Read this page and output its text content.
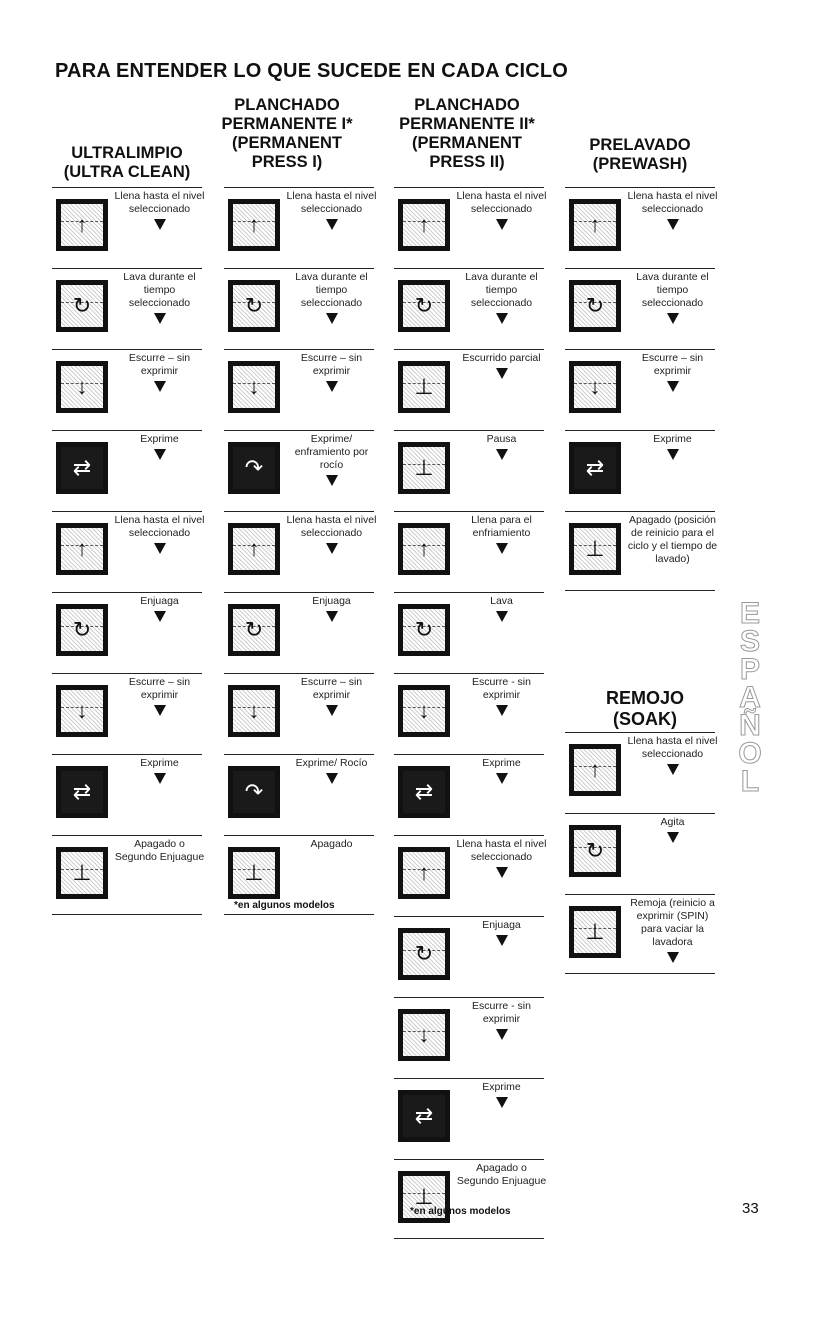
PARA ENTENDER LO QUE SUCEDE EN CADA CICLO
ULTRALIMPIO
(ULTRA CLEAN)
PLANCHADO
PERMANENTE I*
(PERMANENT
PRESS I)
PLANCHADO
PERMANENTE II*
(PERMANENT
PRESS II)
PRELAVADO
(PREWASH)
REMOJO
(SOAK)
↑
Llena hasta el nivel seleccionado
↻
Lava durante el tiempo seleccionado
↓
Escurre – sin exprimir
⇄
Exprime
↑
Llena hasta el nivel seleccionado
↻
Enjuaga
↓
Escurre – sin exprimir
⇄
Exprime
⊥
Apagado o Segundo Enjuague
↑
Llena hasta el nivel seleccionado
↻
Lava durante el tiempo seleccionado
↓
Escurre – sin exprimir
↷
Exprime/ enframiento por rocío
↑
Llena hasta el nivel seleccionado
↻
Enjuaga
↓
Escurre – sin exprimir
↷
Exprime/ Rocío
⊥
Apagado
↑
Llena hasta el nivel seleccionado
↻
Lava durante el tiempo seleccionado
⊥
Escurrido parcial
⊥
Pausa
↑
Llena para el enfriamiento
↻
Lava
↓
Escurre - sin exprimir
⇄
Exprime
↑
Llena hasta el nivel seleccionado
↻
Enjuaga
↓
Escurre - sin exprimir
⇄
Exprime
⊥
Apagado o Segundo Enjuague
↑
Llena hasta el nivel seleccionado
↻
Lava durante el tiempo seleccionado
↓
Escurre – sin exprimir
⇄
Exprime
⊥
Apagado (posición de reinicio para el ciclo y el tiempo de lavado)
↑
Llena hasta el nivel seleccionado
↻
Agita
⊥
Remoja (reinicio a exprimir (SPIN) para vaciar la lavadora
*en algunos modelos
*en algunos modelos
E
S
P
A
Ñ
O
L
33
